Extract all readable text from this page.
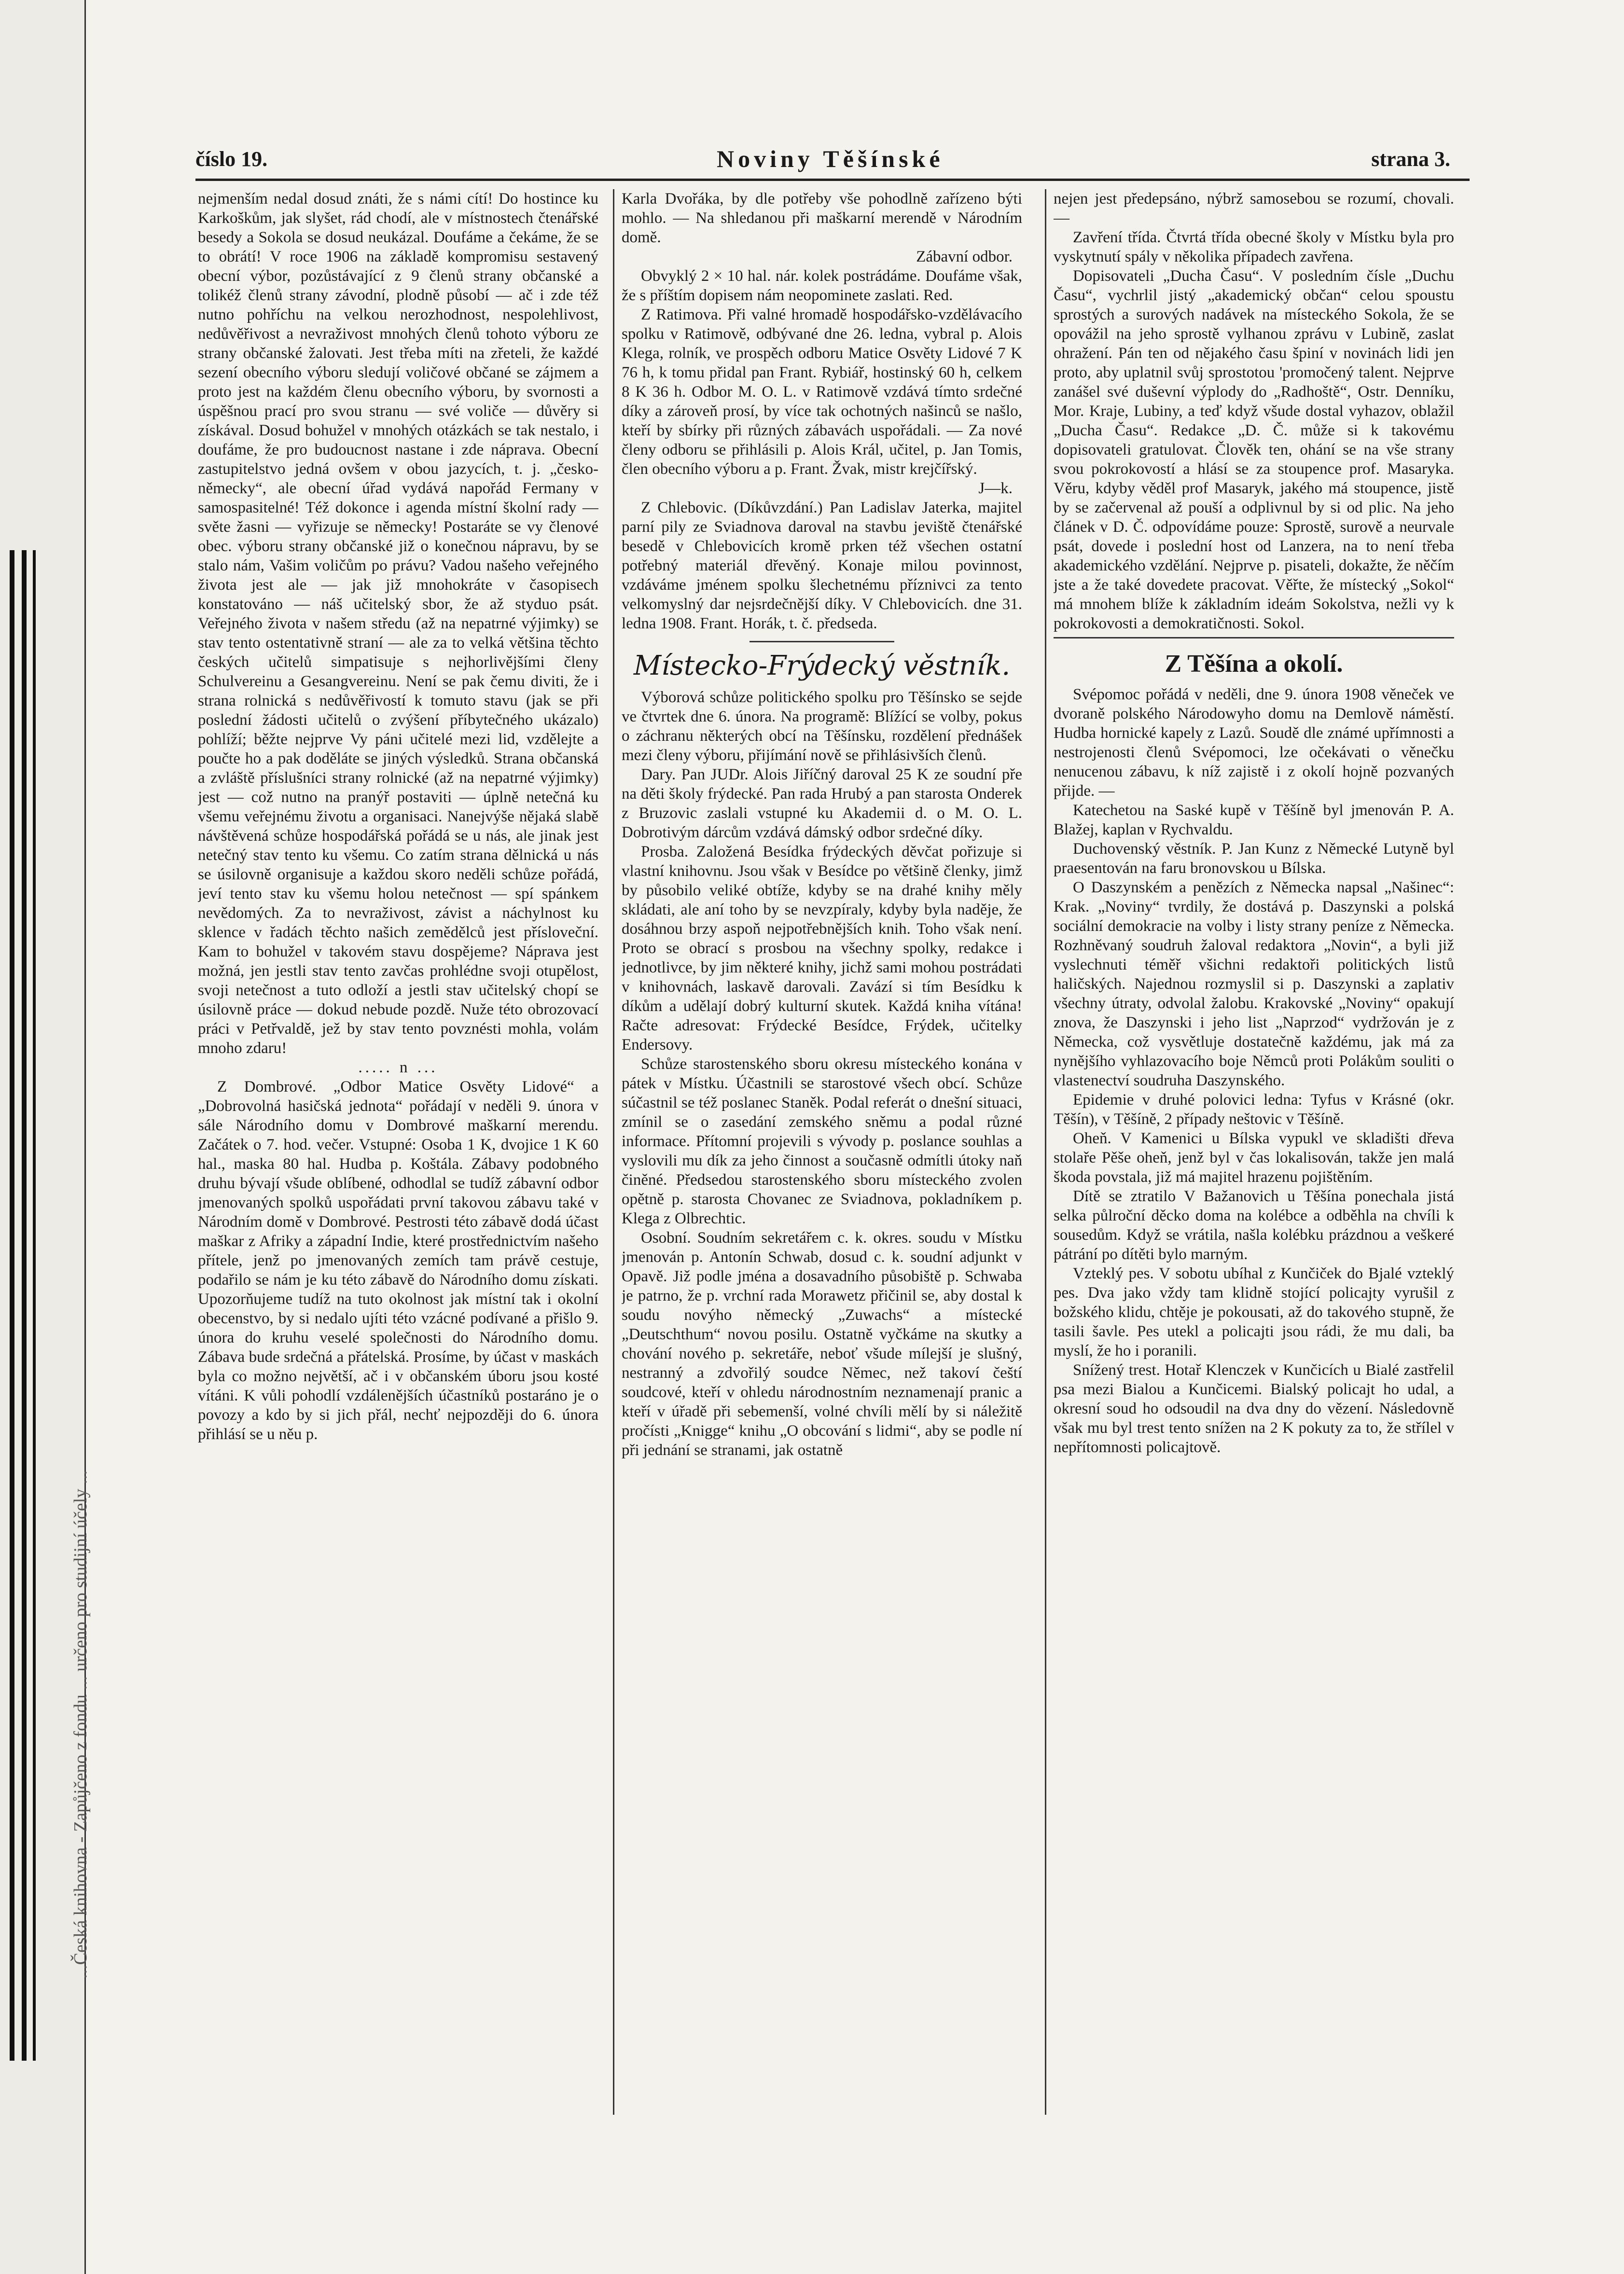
...Česká knihovna - Zapůjčeno z fondu ... určeno pro studijní účely ...
číslo 19.	Noviny Těšínské	strana 3.

nejmenším nedal dosud znáti, že s námi cítí! Do hostince ku Karkoškům, jak slyšet, rád chodí, ale v místnostech čtenářské besedy a Sokola se dosud neukázal. Doufáme a čekáme, že se to obrátí! V roce 1906 na základě kompromisu sestavený obecní výbor, pozůstávající z 9 členů strany občanské a tolikéž členů strany závodní, plodně působí — ač i zde též nutno pohříchu na velkou nerozhodnost, nespolehlivost, nedůvěřivost a nevraživost mnohých členů tohoto výboru ze strany občanské žalovati. Jest třeba míti na zřeteli, že každé sezení obecního výboru sledují voličové občané se zájmem a proto jest na každém členu obecního výboru, by svornosti a úspěšnou prací pro svou stranu — své voliče — důvěry si získával. Dosud bohužel v mnohých otázkách se tak nestalo, i doufáme, že pro budoucnost nastane i zde náprava. Obecní zastupitelstvo jedná ovšem v obou jazycích, t. j. „česko-německy“, ale obecní úřad vydává napořád Fermany v samospasitelné! Též dokonce i agenda místní školní rady — světe žasni — vyřizuje se německy! Postaráte se vy členové obec. výboru strany občanské již o konečnou nápravu, by se stalo nám, Vašim voličům po právu? Vadou našeho veřejného života jest ale — jak již mnohokráte v časopisech konstatováno — náš učitelský sbor, že až styduo psát. Veřejného života v našem středu (až na nepatrné výjimky) se stav tento ostentativně straní — ale za to velká většina těchto českých učitelů simpatisuje s nejhorlivějšími členy Schulvereinu a Gesangvereinu. Není se pak čemu diviti, že i strana rolnická s nedůvěřivostí k tomuto stavu (jak se při poslední žádosti učitelů o zvýšení příbytečného ukázalo) pohlíží; běžte nejprve Vy páni učitelé mezi lid, vzdělejte a poučte ho a pak doděláte se jiných výsledků. Strana občanská a zvláště příslušníci strany rolnické (až na nepatrné výjimky) jest — což nutno na pranýř postaviti — úplně netečná ku všemu veřejnému životu a organisaci. Nanejvýše nějaká slabě návštěvená schůze hospodářská pořádá se u nás, ale jinak jest netečný stav tento ku všemu. Co zatím strana dělnická u nás se úsilovně organisuje a každou skoro neděli schůze pořádá, jeví tento stav ku všemu holou netečnost — spí spánkem nevědomých. Za to nevraživost, závist a náchylnost ku sklence v řadách těchto našich zemědělců jest přísloveční. Kam to bohužel v takovém stavu dospějeme? Náprava jest možná, jen jestli stav tento zavčas prohlédne svoji otupělost, svoji netečnost a tuto odloží a jestli stav učitelský chopí se úsilovně práce — dokud nebude pozdě. Nuže této obrozovací práci v Petřvaldě, jež by stav tento povznésti mohla, volám mnoho zdaru!

..... n ...

Z Dombrové. „Odbor Matice Osvěty Lidové“ a „Dobrovolná hasičská jednota“ pořádají v neděli 9. února v sále Národního domu v Dombrové maškarní merendu. Začátek o 7. hod. večer. Vstupné: Osoba 1 K, dvojice 1 K 60 hal., maska 80 hal. Hudba p. Koštála. Zábavy podobného druhu bývají všude oblíbené, odhodlal se tudíž zábavní odbor jmenovaných spolků uspořádati první takovou zábavu také v Národním domě v Dombrové. Pestrosti této zábavě dodá účast maškar z Afriky a západní Indie, které prostřednictvím našeho přítele, jenž po jmenovaných zemích tam právě cestuje, podařilo se nám je ku této zábavě do Národního domu získati. Upozorňujeme tudíž na tuto okolnost jak místní tak i okolní obecenstvo, by si nedalo ujíti této vzácné podívané a přišlo 9. února do kruhu veselé společnosti do Národního domu. Zábava bude srdečná a přátelská. Prosíme, by účast v maskách byla co možno největší, ač i v občanském úboru jsou kosté vítáni. K vůli pohodlí vzdálenějších účastníků postaráno je o povozy a kdo by si jich přál, nechť nejpozději do 6. února přihlásí se u něu p.

Karla Dvořáka, by dle potřeby vše pohodlně zařízeno býti mohlo. — Na shledanou při maškarní merendě v Národním domě.

Zábavní odbor.

Obvyklý 2 × 10 hal. nár. kolek postrádáme. Doufáme však, že s příštím dopisem nám neopominete zaslati. Red.

Z Ratimova. Při valné hromadě hospodářsko-vzdělávacího spolku v Ratimově, odbývané dne 26. ledna, vybral p. Alois Klega, rolník, ve prospěch odboru Matice Osvěty Lidové 7 K 76 h, k tomu přidal pan Frant. Rybiář, hostinský 60 h, celkem 8 K 36 h. Odbor M. O. L. v Ratimově vzdává tímto srdečné díky a zároveň prosí, by více tak ochotných našinců se našlo, kteří by sbírky při různých zábavách uspořádali. — Za nové členy odboru se přihlásili p. Alois Král, učitel, p. Jan Tomis, člen obecního výboru a p. Frant. Žvak, mistr krejčířský.

J—k.

Z Chlebovic. (Díkůvzdání.) Pan Ladislav Jaterka, majitel parní pily ze Sviadnova daroval na stavbu jeviště čtenářské besedě v Chlebovicích kromě prken též všechen ostatní potřebný materiál dřevěný. Konaje milou povinnost, vzdáváme jménem spolku šlechetnému příznivci za tento velkomyslný dar nejsrdečnější díky. V Chlebovicích. dne 31. ledna 1908. Frant. Horák, t. č. předseda.

Místecko-Frýdecký věstník.

Výborová schůze politického spolku pro Těšínsko se sejde ve čtvrtek dne 6. února. Na programě: Blížící se volby, pokus o záchranu některých obcí na Těšínsku, rozdělení přednášek mezi členy výboru, přijímání nově se přihlásivších členů.

Dary. Pan JUDr. Alois Jiříčný daroval 25 K ze soudní pře na děti školy frýdecké. Pan rada Hrubý a pan starosta Onderek z Bruzovic zaslali vstupné ku Akademii d. o M. O. L. Dobrotivým dárcům vzdává dámský odbor srdečné díky.

Prosba. Založená Besídka frýdeckých děvčat pořizuje si vlastní knihovnu. Jsou však v Besídce po většině členky, jimž by působilo veliké obtíže, kdyby se na drahé knihy měly skládati, ale aní toho by se nevzpíraly, kdyby byla naděje, že dosáhnou brzy aspoň nejpotřebnějších knih. Toho však není. Proto se obrací s prosbou na všechny spolky, redakce i jednotlivce, by jim některé knihy, jichž sami mohou postrádati v knihovnách, laskavě darovali. Zavází si tím Besídku k díkům a udělají dobrý kulturní skutek. Každá kniha vítána! Račte adresovat: Frýdecké Besídce, Frýdek, učitelky Endersovy.

Schůze starostenského sboru okresu místeckého konána v pátek v Místku. Účastnili se starostové všech obcí. Schůze súčastnil se též poslanec Staněk. Podal referát o dnešní situaci, zmínil se o zasedání zemského sněmu a podal různé informace. Přítomní projevili s vývody p. poslance souhlas a vyslovili mu dík za jeho činnost a současně odmítli útoky naň činěné. Předsedou starostenského sboru místeckého zvolen opětně p. starosta Chovanec ze Sviadnova, pokladníkem p. Klega z Olbrechtic.

Osobní. Soudním sekretářem c. k. okres. soudu v Místku jmenován p. Antonín Schwab, dosud c. k. soudní adjunkt v Opavě. Již podle jména a dosavadního působiště p. Schwaba je patrno, že p. vrchní rada Morawetz přičinil se, aby dostal k soudu novýho německý „Zuwachs“ a místecké „Deutschthum“ novou posilu. Ostatně vyčkáme na skutky a chování nového p. sekretáře, neboť všude mílejší je slušný, nestranný a zdvořilý soudce Němec, než takoví čeští soudcové, kteří v ohledu národnostním neznamenají pranic a kteří v úřadě při sebemenší, volné chvíli mělí by si náležitě pročísti „Knigge“ knihu „O obcování s lidmi“, aby se podle ní při jednání se stranami, jak ostatně

nejen jest předepsáno, nýbrž samosebou se rozumí, chovali. —

Zavření třída. Čtvrtá třída obecné školy v Místku byla pro vyskytnutí spály v několika případech zavřena.

Dopisovateli „Ducha Času“. V posledním čísle „Duchu Času“, vychrlil jistý „akademický občan“ celou spoustu sprostých a surových nadávek na místeckého Sokola, že se opovážil na jeho sprostě vylhanou zprávu v Lubině, zaslat ohražení. Pán ten od nějakého času špiní v novinách lidi jen proto, aby uplatnil svůj sprostotou 'promočený talent. Nejprve zanášel své duševní výplody do „Radhoště“, Ostr. Denníku, Mor. Kraje, Lubiny, a teď když všude dostal vyhazov, oblažil „Ducha Času“. Redakce „D. Č. může si k takovému dopisovateli gratulovat. Člověk ten, ohání se na vše strany svou pokrokovostí a hlásí se za stoupence prof. Masaryka. Věru, kdyby věděl prof Masaryk, jakého má stoupence, jistě by se začervenal až pouší a odplivnul by si od plic. Na jeho článek v D. Č. odpovídáme pouze: Sprostě, surově a neurvale psát, dovede i poslední host od Lanzera, na to není třeba akademického vzdělání. Nejprve p. pisateli, dokažte, že něčím jste a že také dovedete pracovat. Věřte, že místecký „Sokol“ má mnohem blíže k základním ideám Sokolstva, nežli vy k pokrokovosti a demokratičnosti. Sokol.

Z Těšína a okolí.

Svépomoc pořádá v neděli, dne 9. února 1908 věneček ve dvoraně polského Národowyho domu na Demlově náměstí. Hudba hornické kapely z Lazů. Soudě dle známé upřímnosti a nestrojenosti členů Svépomoci, lze očekávati o věnečku nenucenou zábavu, k níž zajistě i z okolí hojně pozvaných přijde. —

Katechetou na Saské kupě v Těšíně byl jmenován P. A. Blažej, kaplan v Rychvaldu.

Duchovenský věstník. P. Jan Kunz z Německé Lutyně byl praesentován na faru bronovskou u Bílska.

O Daszynském a penězích z Německa napsal „Našinec“: Krak. „Noviny“ tvrdily, že dostává p. Daszynski a polská sociální demokracie na volby i listy strany peníze z Německa. Rozhněvaný soudruh žaloval redaktora „Novin“, a byli již vyslechnuti téměř všichni redaktoři politických listů haličských. Najednou rozmyslil si p. Daszynski a zaplativ všechny útraty, odvolal žalobu. Krakovské „Noviny“ opakují znova, že Daszynski i jeho list „Naprzod“ vydržován je z Německa, což vysvětluje dostatečně každému, jak má za nynějšího vyhlazovacího boje Němců proti Polákům souliti o vlastenectví soudruha Daszynského.

Epidemie v druhé polovici ledna: Tyfus v Krásné (okr. Těšín), v Těšíně, 2 případy neštovic v Těšíně.

Oheň. V Kamenici u Bílska vypukl ve skladišti dřeva stolaře Pěše oheň, jenž byl v čas lokalisován, takže jen malá škoda povstala, již má majitel hrazenu pojištěním.

Dítě se ztratilo V Bažanovich u Těšína ponechala jistá selka půlroční děcko doma na kolébce a odběhla na chvíli k sousedům. Když se vrátila, našla kolébku prázdnou a veškeré pátrání po dítěti bylo marným.

Vzteklý pes. V sobotu ubíhal z Kunčiček do Bjalé vzteklý pes. Dva jako vždy tam klidně stojící policajty vyrušil z božského klidu, chtěje je pokousati, až do takového stupně, že tasili šavle. Pes utekl a policajti jsou rádi, že mu dali, ba myslí, že ho i poranili.

Snížený trest. Hotař Klenczek v Kunčicích u Bialé zastřelil psa mezi Bialou a Kunčicemi. Bialský policajt ho udal, a okresní soud ho odsoudil na dva dny do vězení. Následovně však mu byl trest tento snížen na 2 K pokuty za to, že střílel v nepřítomnosti policajtově.
